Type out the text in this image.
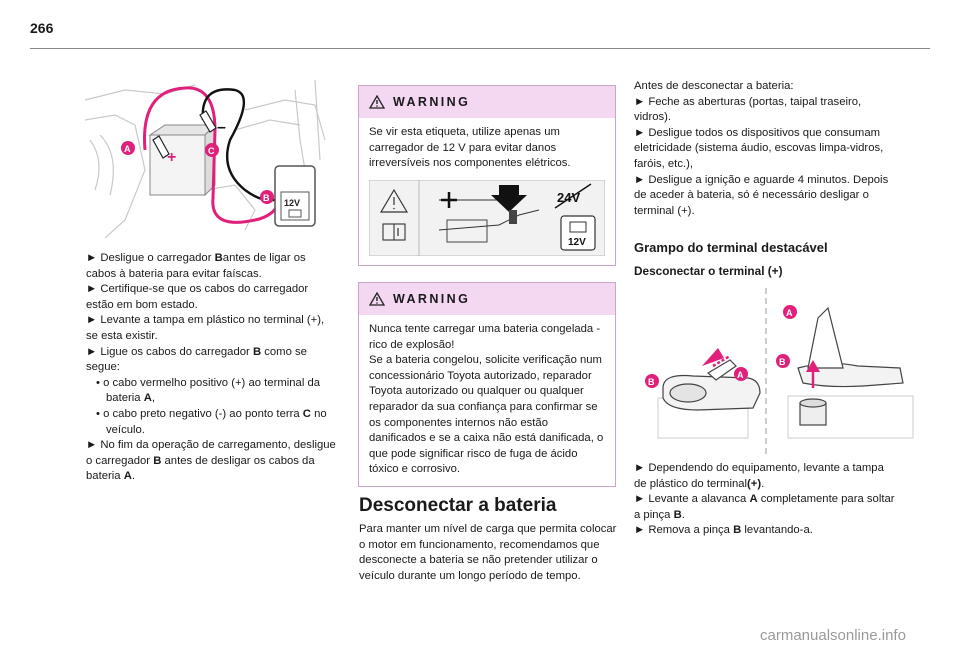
266
+
–
12V
A	C
B

► Desligue o carregador Bantes de ligar os cabos à bateria para evitar faíscas.

► Certifique-se que os cabos do carregador estão em bom estado.

► Levante a tampa em plástico no terminal (+), se esta existir.

► Ligue os cabos do carregador B como se segue:

• o cabo vermelho positivo (+) ao terminal da bateria A,

• o cabo preto negativo (-) ao ponto terra C no veículo.

► No fim da operação de carregamento, desligue o carregador B antes de desligar os cabos da bateria A.

WARNING
Se vir esta etiqueta, utilize apenas um carregador de 12 V para evitar danos irreversíveis nos componentes elétricos.
24V
12V
WARNING
Nunca tente carregar uma bateria congelada - rico de explosão!
Se a bateria congelou, solicite verificação num concessionário Toyota autorizado, reparador Toyota autorizado ou qualquer ou qualquer reparador da sua confiança para confirmar se os componentes internos não estão danificados e se a caixa não está danificada, o que pode significar risco de fuga de ácido tóxico e corrosivo.
Desconectar a bateria
Para manter um nível de carga que permita colocar o motor em funcionamento, recomendamos que desconecte a bateria se não pretender utilizar o veículo durante um longo período de tempo.

Antes de desconectar a bateria:

► Feche as aberturas (portas, taipal traseiro, vidros).

► Desligue todos os dispositivos que consumam eletricidade (sistema áudio, escovas limpa-vidros, faróis, etc.),

► Desligue a ignição e aguarde 4 minutos. Depois de aceder à bateria, só é necessário desligar o terminal (+).

Grampo do terminal destacável
Desconectar o terminal (+)
A
B
A
B

► Dependendo do equipamento, levante a tampa de plástico do terminal(+).

► Levante a alavanca A completamente para soltar a pinça B.

► Remova a pinça B levantando-a.

carmanualsonline.info
